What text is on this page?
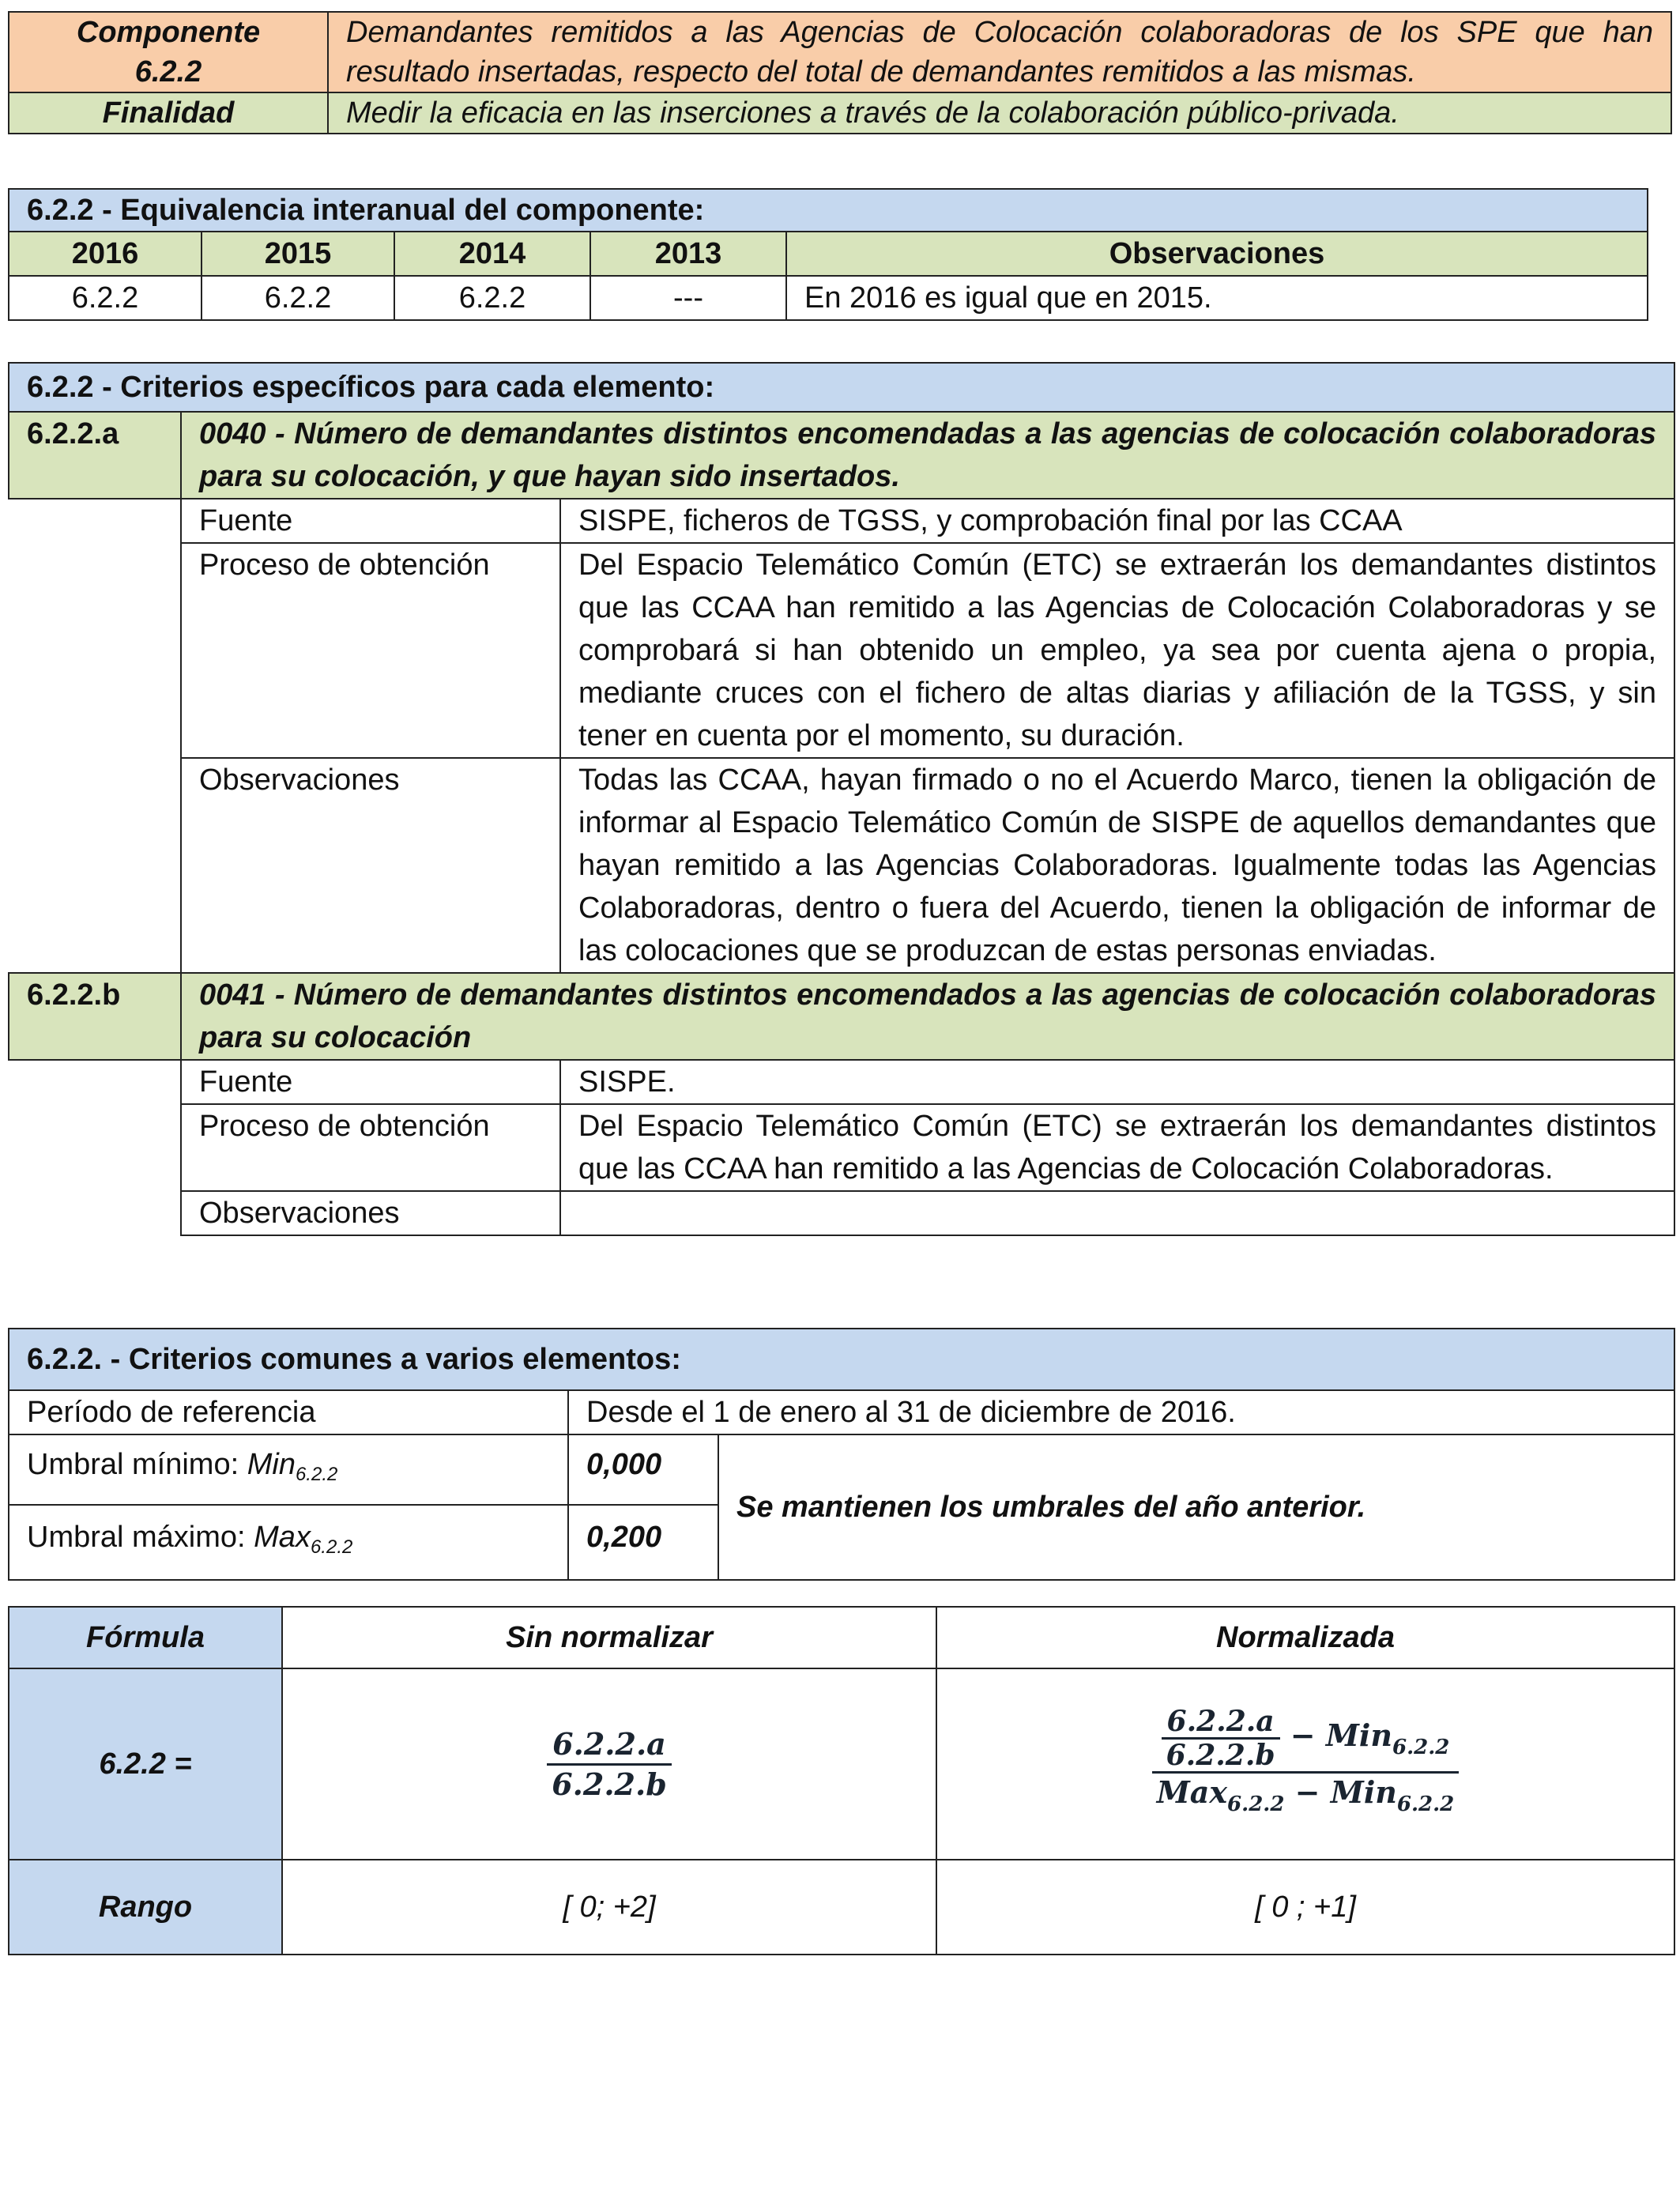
Componente
6.2.2	Demandantes remitidos a las Agencias de Colocación colaboradoras de los SPE que han resultado insertadas, respecto del total de demandantes remitidos a las mismas.
Finalidad	Medir la eficacia en las inserciones a través de la colaboración público-privada.
6.2.2 - Equivalencia interanual del componente:				
2016	2015	2014	2013	Observaciones
6.2.2	6.2.2	6.2.2	---	En 2016 es igual que en 2015.
6.2.2 - Criterios específicos para cada elemento:		
6.2.2.a	0040 - Número de demandantes distintos encomendadas a las agencias de colocación colaboradoras para su colocación, y que hayan sido insertados.	
	Fuente	SISPE, ficheros de TGSS, y comprobación final por las CCAA
	Proceso de obtención	Del Espacio Telemático Común (ETC) se extraerán los demandantes distintos que las CCAA han remitido a las Agencias de Colocación Colaboradoras y se comprobará si han obtenido un empleo, ya sea por cuenta ajena o propia, mediante cruces con el fichero de altas diarias y afiliación de la TGSS, y sin tener en cuenta por el momento, su duración.
	Observaciones	Todas las CCAA, hayan firmado o no el Acuerdo Marco, tienen la obligación de informar al Espacio Telemático Común de SISPE de aquellos demandantes que hayan remitido a las Agencias Colaboradoras. Igualmente todas las Agencias Colaboradoras, dentro o fuera del Acuerdo, tienen la obligación de informar de las colocaciones que se produzcan de estas personas enviadas.
6.2.2.b	0041 - Número de demandantes distintos encomendados a las agencias de colocación colaboradoras para su colocación	
	Fuente	SISPE.
	Proceso de obtención	Del Espacio Telemático Común (ETC) se extraerán los demandantes distintos que las CCAA han remitido a las Agencias de Colocación Colaboradoras.
	Observaciones	
6.2.2. - Criterios comunes a varios elementos:		
Período de referencia	Desde el 1 de enero al 31 de diciembre de 2016.	
Umbral mínimo: Min$_{6.2.2}$	0,000	Se mantienen los umbrales del año anterior.
Umbral máximo: Max$_{6.2.2}$	0,200	
Fórmula	Sin normalizar	Normalizada
6.2.2 =	$\frac{6.2.2.a}{6.2.2.b}$	$\frac{6.2.2.a}{6.2.2.b} - Min_{6.2.2}$
Max$_{6.2.2}$ − Min$_{6.2.2}$

Rango	[ 0; +2]	[ 0 ; +1]
